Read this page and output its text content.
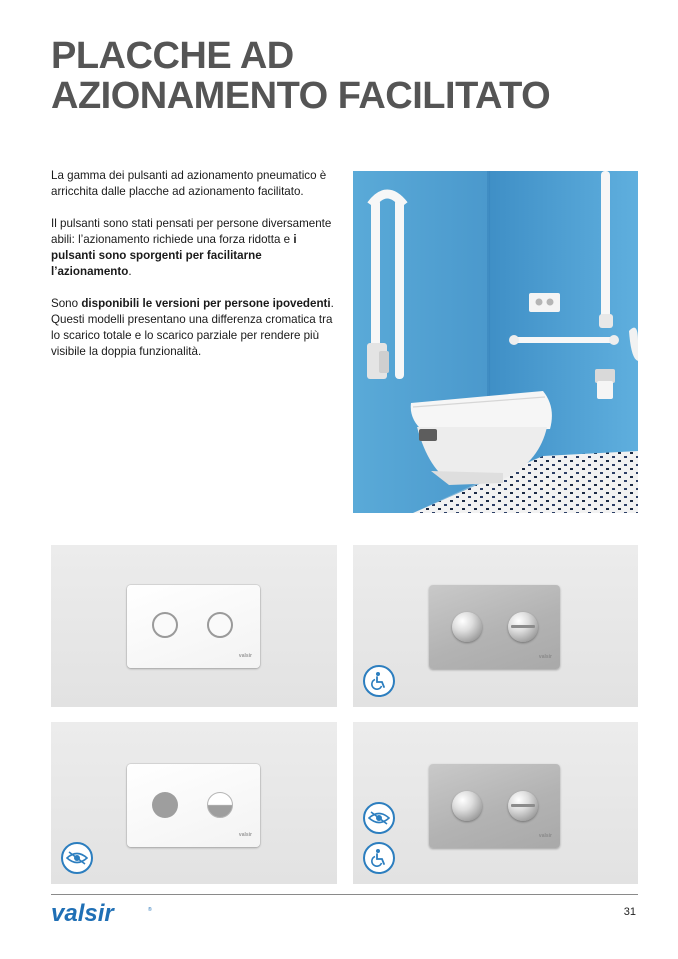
PLACCHE AD
AZIONAMENTO FACILITATO

La gamma dei pulsanti ad azionamento pneumatico è arricchita dalle placche ad azionamento facilitato.

Il pulsanti sono stati pensati per persone diversamente abili: l’azionamento richiede una forza ridotta e i pulsanti sono sporgenti per facilitarne l’azionamento.

Sono disponibili le versioni per persone ipovedenti. Questi modelli presentano una differenza cromatica tra lo scarico totale e lo scarico parziale per rendere più visibile la doppia funzionalità.

valsir	valsir
valsir	valsir
valsir	®	31
